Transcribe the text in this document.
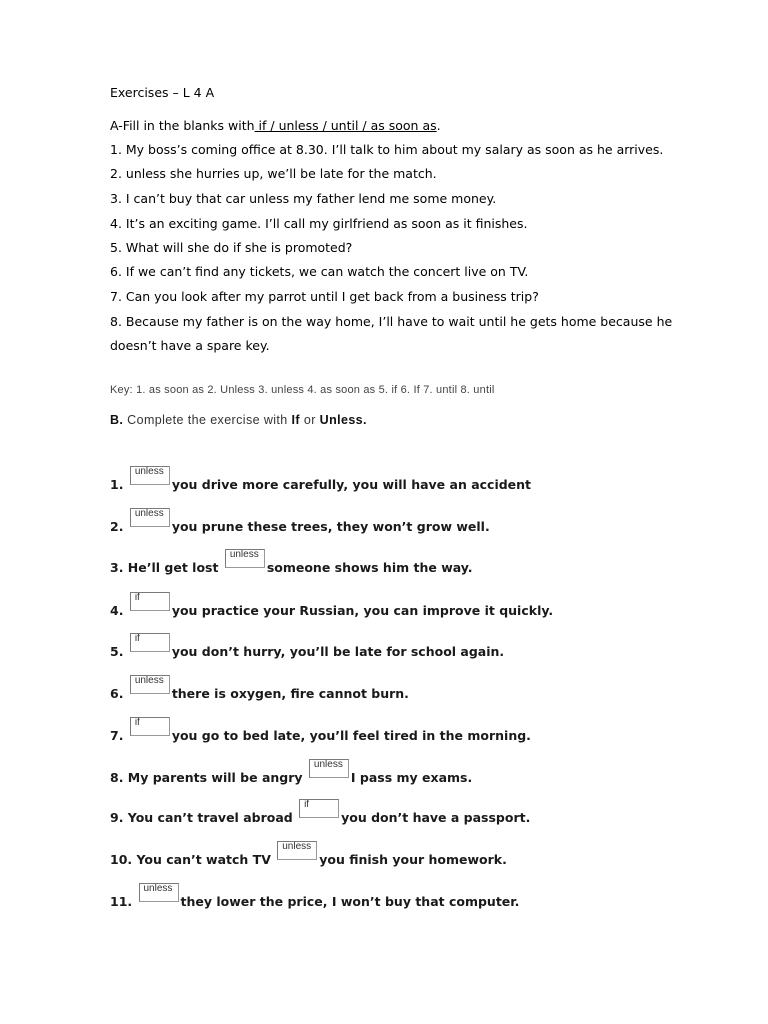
Exercises – L 4 A
A-Fill in the blanks with if / unless / until / as soon as.
1. My boss’s coming office at 8.30. I’ll talk to him about my salary as soon as he arrives.
2. unless she hurries up, we’ll be late for the match.
3. I can’t buy that car unless my father lend me some money.
4. It’s an exciting game. I’ll call my girlfriend as soon as it finishes.
5. What will she do if she is promoted?
6. If we can’t find any tickets, we can watch the concert live on TV.
7. Can you look after my parrot until I get back from a business trip?
8. Because my father is on the way home, I’ll have to wait until he gets home because he
doesn’t have a spare key.
Key: 1. as soon as 2. Unless 3. unless 4. as soon as 5. if 6. If 7. until 8. until
B. Complete the exercise with If or Unless.
1.
unless
you drive more carefully, you will have an accident
2.
unless
you prune these trees, they won’t grow well.
3. He’ll get lost
unless
someone shows him the way.
4.
if
you practice your Russian, you can improve it quickly.
5.
if
you don’t hurry, you’ll be late for school again.
6.
unless
there is oxygen, fire cannot burn.
7.
if
you go to bed late, you’ll feel tired in the morning.
8. My parents will be angry
unless
I pass my exams.
9. You can’t travel abroad
if
you don’t have a passport.
10. You can’t watch TV
unless
you finish your homework.
11.
unless
they lower the price, I won’t buy that computer.
